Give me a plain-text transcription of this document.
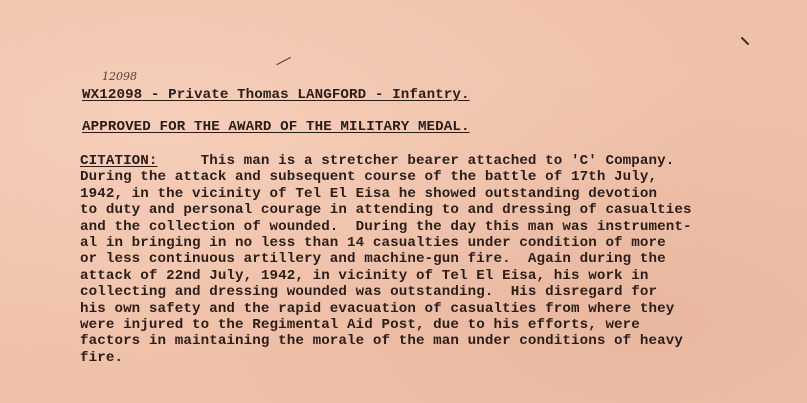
12098
WX12098 - Private Thomas LANGFORD - Infantry.
APPROVED FOR THE AWARD OF THE MILITARY MEDAL.
CITATION:     This man is a stretcher bearer attached to 'C' Company.
During the attack and subsequent course of the battle of 17th July,
1942, in the vicinity of Tel El Eisa he showed outstanding devotion
to duty and personal courage in attending to and dressing of casualties
and the collection of wounded.  During the day this man was instrument-
al in bringing in no less than 14 casualties under condition of more
or less continuous artillery and machine-gun fire.  Again during the
attack of 22nd July, 1942, in vicinity of Tel El Eisa, his work in
collecting and dressing wounded was outstanding.  His disregard for
his own safety and the rapid evacuation of casualties from where they
were injured to the Regimental Aid Post, due to his efforts, were
factors in maintaining the morale of the man under conditions of heavy
fire.
